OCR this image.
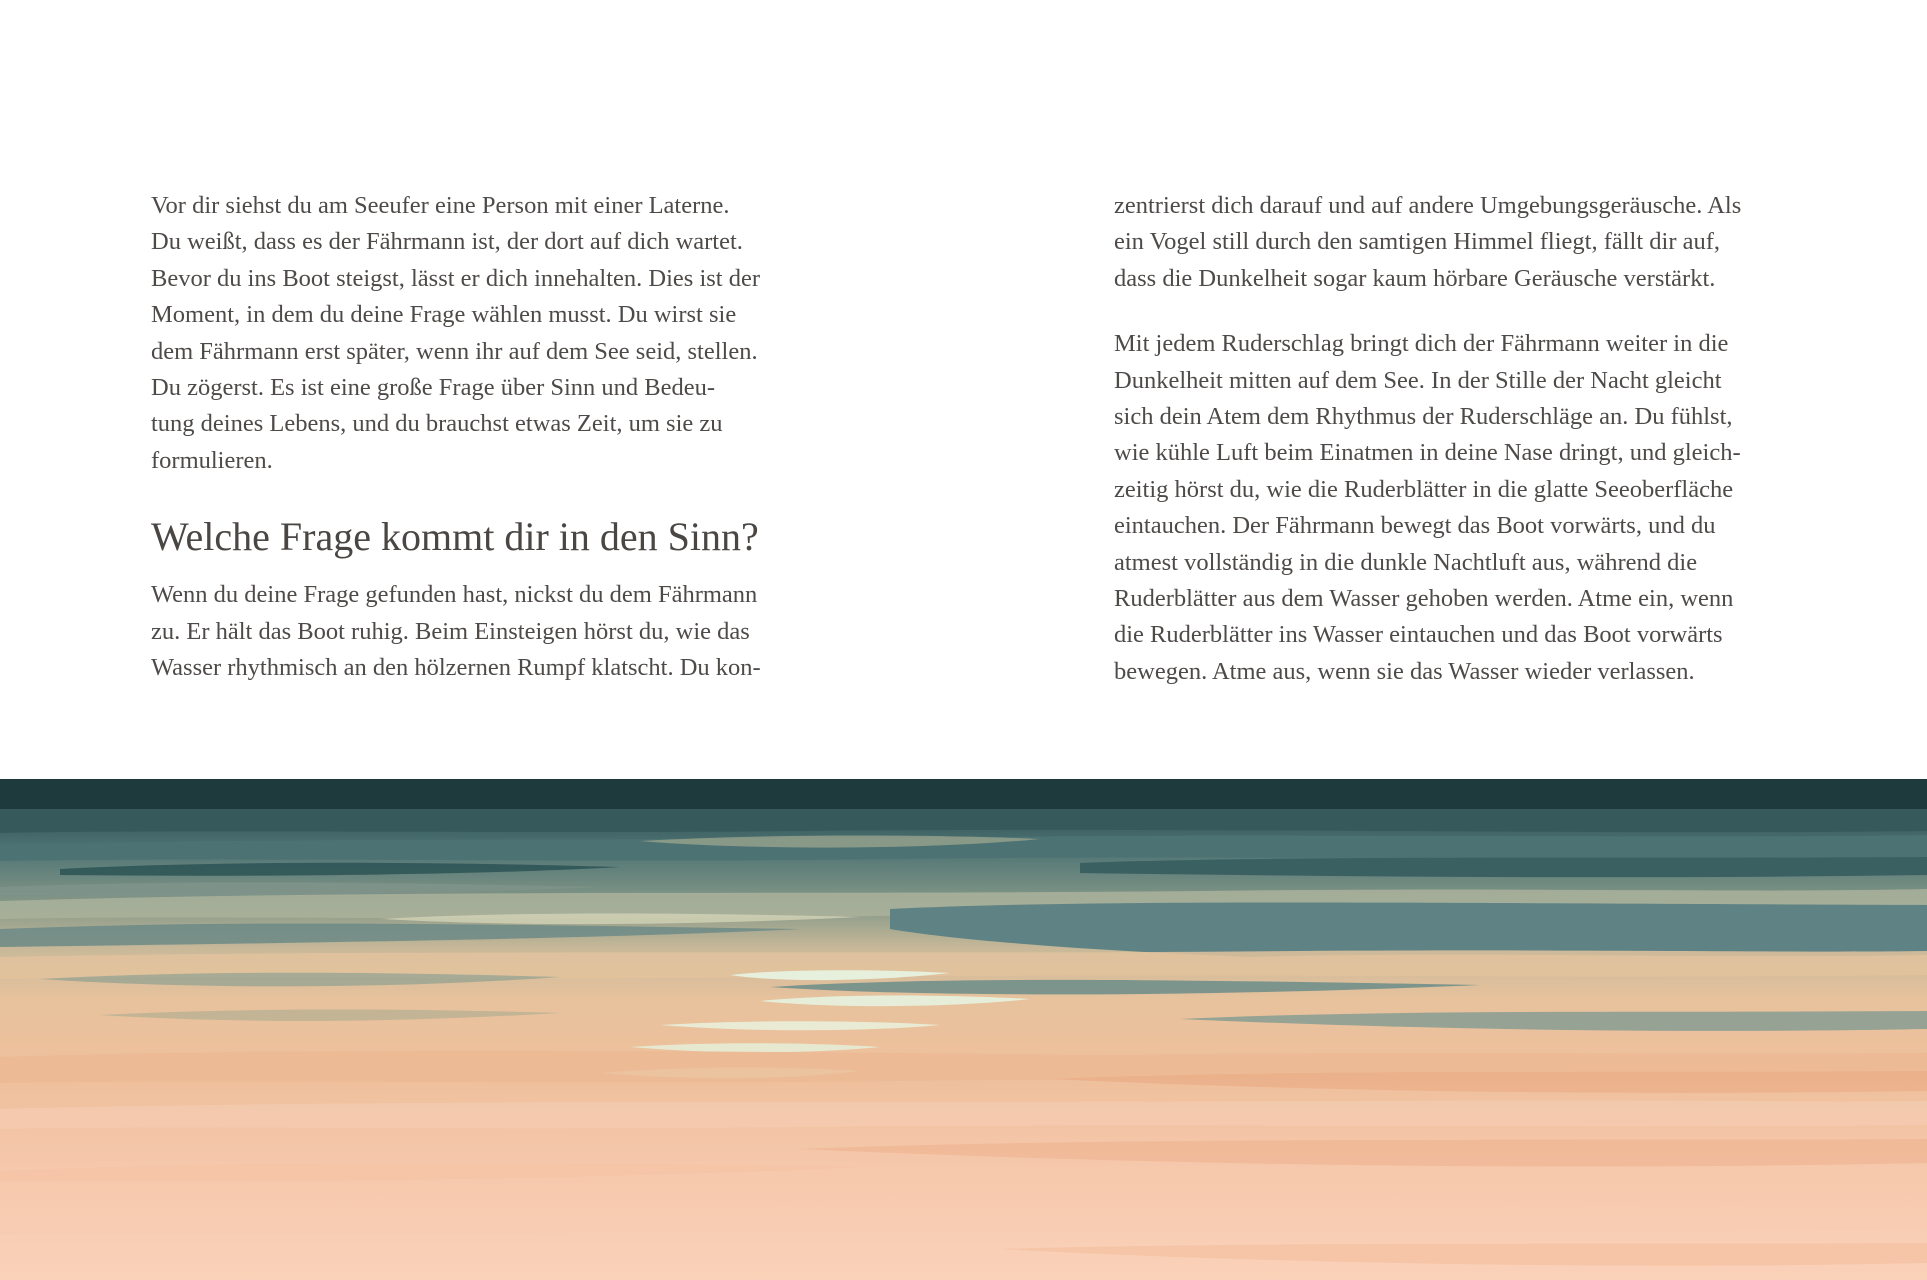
Vor dir siehst du am Seeufer eine Person mit einer Laterne.
Du weißt, dass es der Fährmann ist, der dort auf dich wartet.
Bevor du ins Boot steigst, lässt er dich innehalten. Dies ist der
Moment, in dem du deine Frage wählen musst. Du wirst sie
dem Fährmann erst später, wenn ihr auf dem See seid, stellen.
Du zögerst. Es ist eine große Frage über Sinn und Bedeu-
tung deines Lebens, und du brauchst etwas Zeit, um sie zu
formulieren.

Welche Frage kommt dir in den Sinn?

Wenn du deine Frage gefunden hast, nickst du dem Fährmann
zu. Er hält das Boot ruhig. Beim Einsteigen hörst du, wie das
Wasser rhythmisch an den hölzernen Rumpf klatscht. Du kon-

zentrierst dich darauf und auf andere Umgebungsgeräusche. Als
ein Vogel still durch den samtigen Himmel fliegt, fällt dir auf,
dass die Dunkelheit sogar kaum hörbare Geräusche verstärkt.

Mit jedem Ruderschlag bringt dich der Fährmann weiter in die
Dunkelheit mitten auf dem See. In der Stille der Nacht gleicht
sich dein Atem dem Rhythmus der Ruderschläge an. Du fühlst,
wie kühle Luft beim Einatmen in deine Nase dringt, und gleich-
zeitig hörst du, wie die Ruderblätter in die glatte Seeoberfläche
eintauchen. Der Fährmann bewegt das Boot vorwärts, und du
atmest vollständig in die dunkle Nachtluft aus, während die
Ruderblätter aus dem Wasser gehoben werden. Atme ein, wenn
die Ruderblätter ins Wasser eintauchen und das Boot vorwärts
bewegen. Atme aus, wenn sie das Wasser wieder verlassen.
